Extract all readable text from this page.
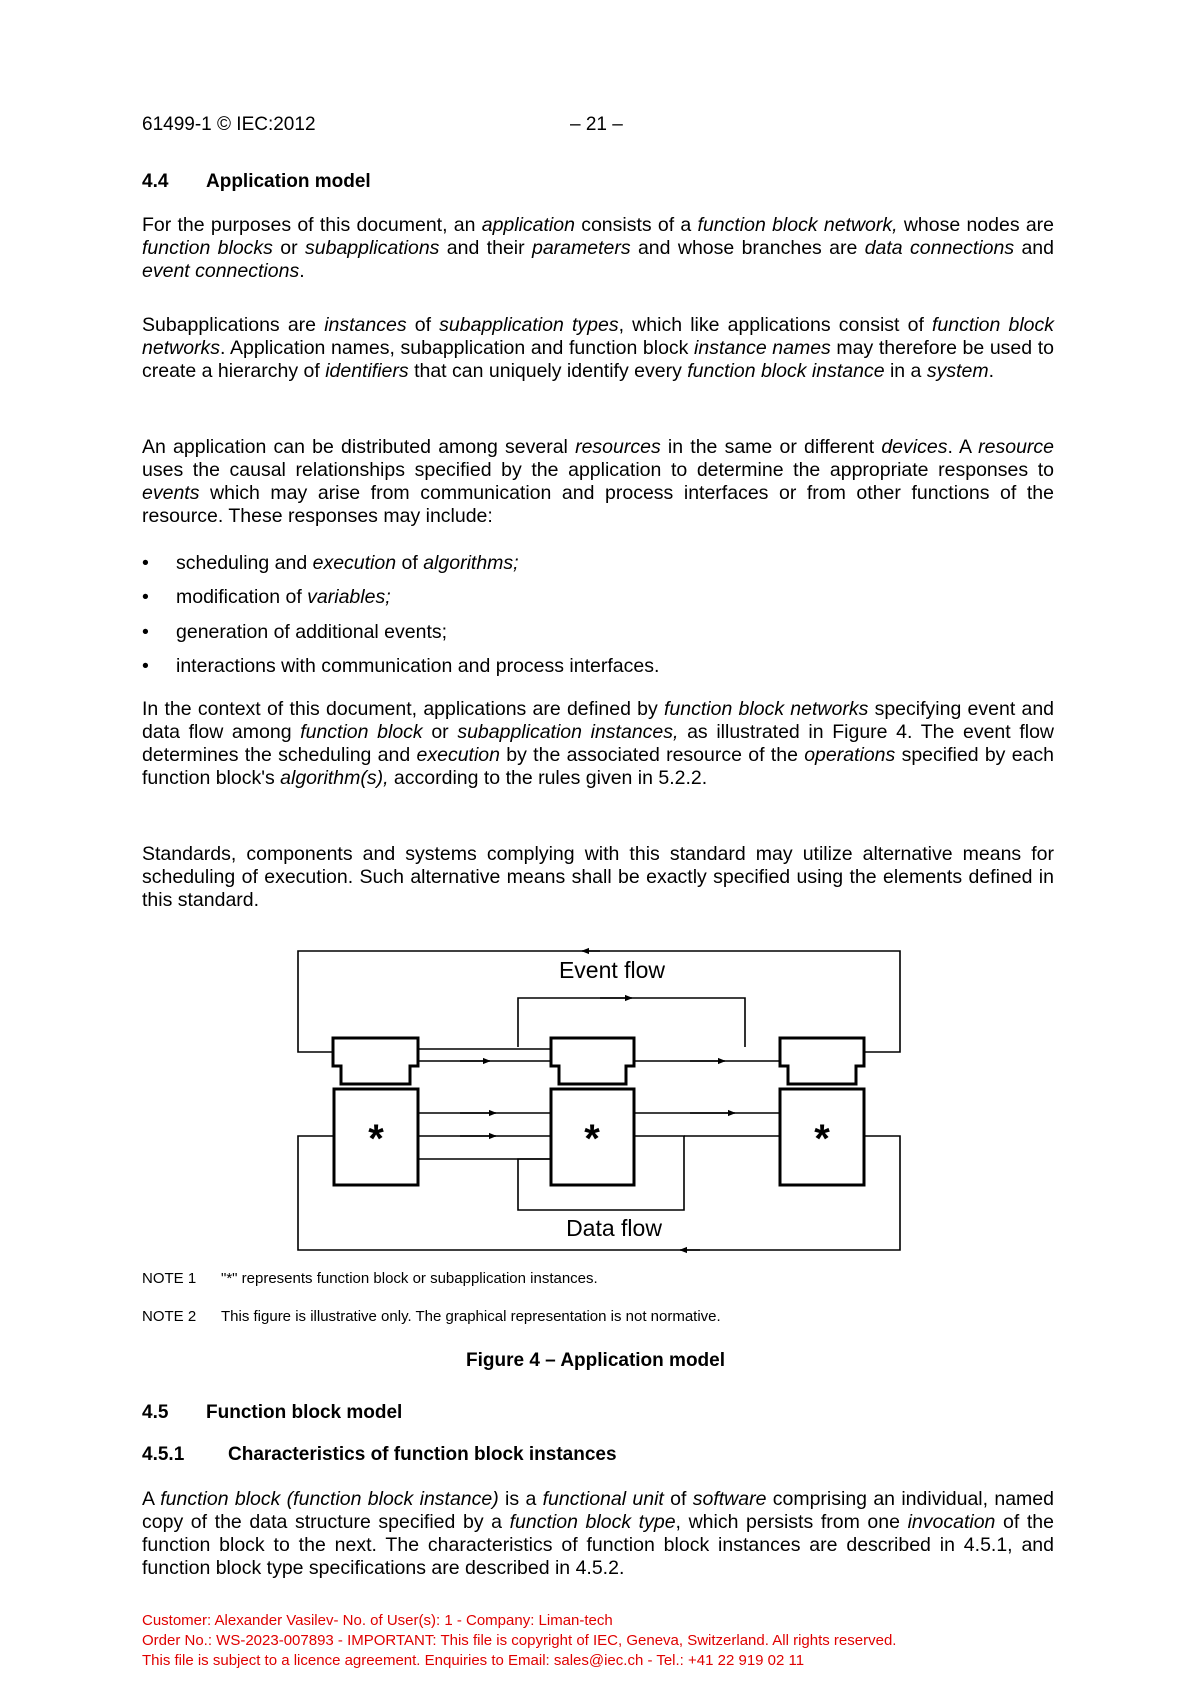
61499-1 © IEC:2012	– 21 –
4.4 Application model
For the purposes of this document, an application consists of a function block network, whose nodes are function blocks or subapplications and their parameters and whose branches are data connections and event connections.
Subapplications are instances of subapplication types, which like applications consist of function block networks. Application names, subapplication and function block instance names may therefore be used to create a hierarchy of identifiers that can uniquely identify every function block instance in a system.
An application can be distributed among several resources in the same or different devices. A resource uses the causal relationships specified by the application to determine the appropriate responses to events which may arise from communication and process interfaces or from other functions of the resource. These responses may include:
• scheduling and execution of algorithms;
• modification of variables;
• generation of additional events;
• interactions with communication and process interfaces.
In the context of this document, applications are defined by function block networks specifying event and data flow among function block or subapplication instances, as illustrated in Figure 4. The event flow determines the scheduling and execution by the associated resource of the operations specified by each function block's algorithm(s), according to the rules given in 5.2.2.
Standards, components and systems complying with this standard may utilize alternative means for scheduling of execution. Such alternative means shall be exactly specified using the elements defined in this standard.
*	*	*
Event flow
Data flow
NOTE 1 "*" represents function block or subapplication instances.
NOTE 2 This figure is illustrative only. The graphical representation is not normative.
Figure 4 – Application model
4.5 Function block model
4.5.1 Characteristics of function block instances
A function block (function block instance) is a functional unit of software comprising an individual, named copy of the data structure specified by a function block type, which persists from one invocation of the function block to the next. The characteristics of function block instances are described in 4.5.1, and function block type specifications are described in 4.5.2.
Customer: Alexander Vasilev- No. of User(s): 1 - Company: Liman-tech
Order No.: WS-2023-007893 - IMPORTANT: This file is copyright of IEC, Geneva, Switzerland. All rights reserved.
This file is subject to a licence agreement. Enquiries to Email: sales@iec.ch - Tel.: +41 22 919 02 11
